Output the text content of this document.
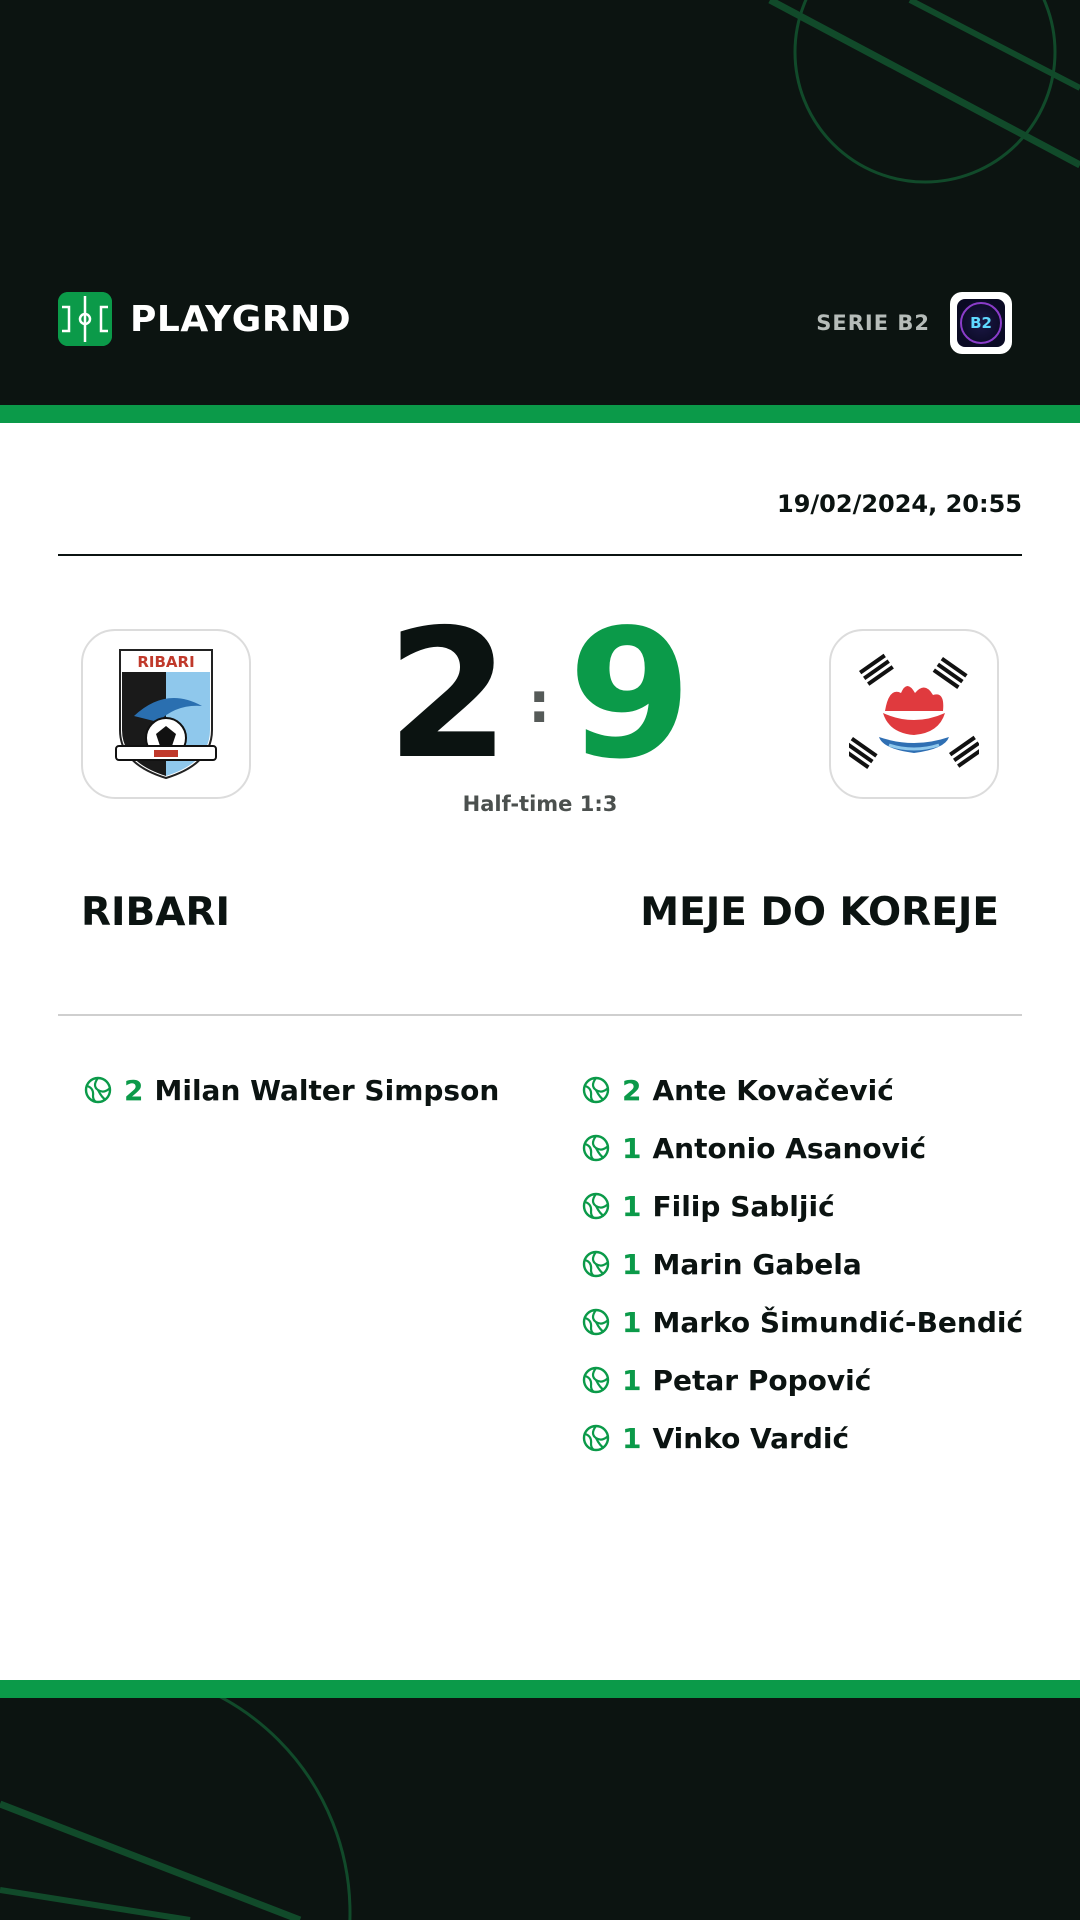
PLAYGRND	SERIE B2	B2
19/02/2024, 20:55
RIBARI 2 : 9
Half-time 1:3
RIBARI	MEJE DO KOREJE
2 Milan Walter Simpson	2 Ante Kovačević
1 Antonio Asanović
1 Filip Sabljić
1 Marin Gabela
1 Marko Šimundić-Bendić
1 Petar Popović
1 Vinko Vardić
